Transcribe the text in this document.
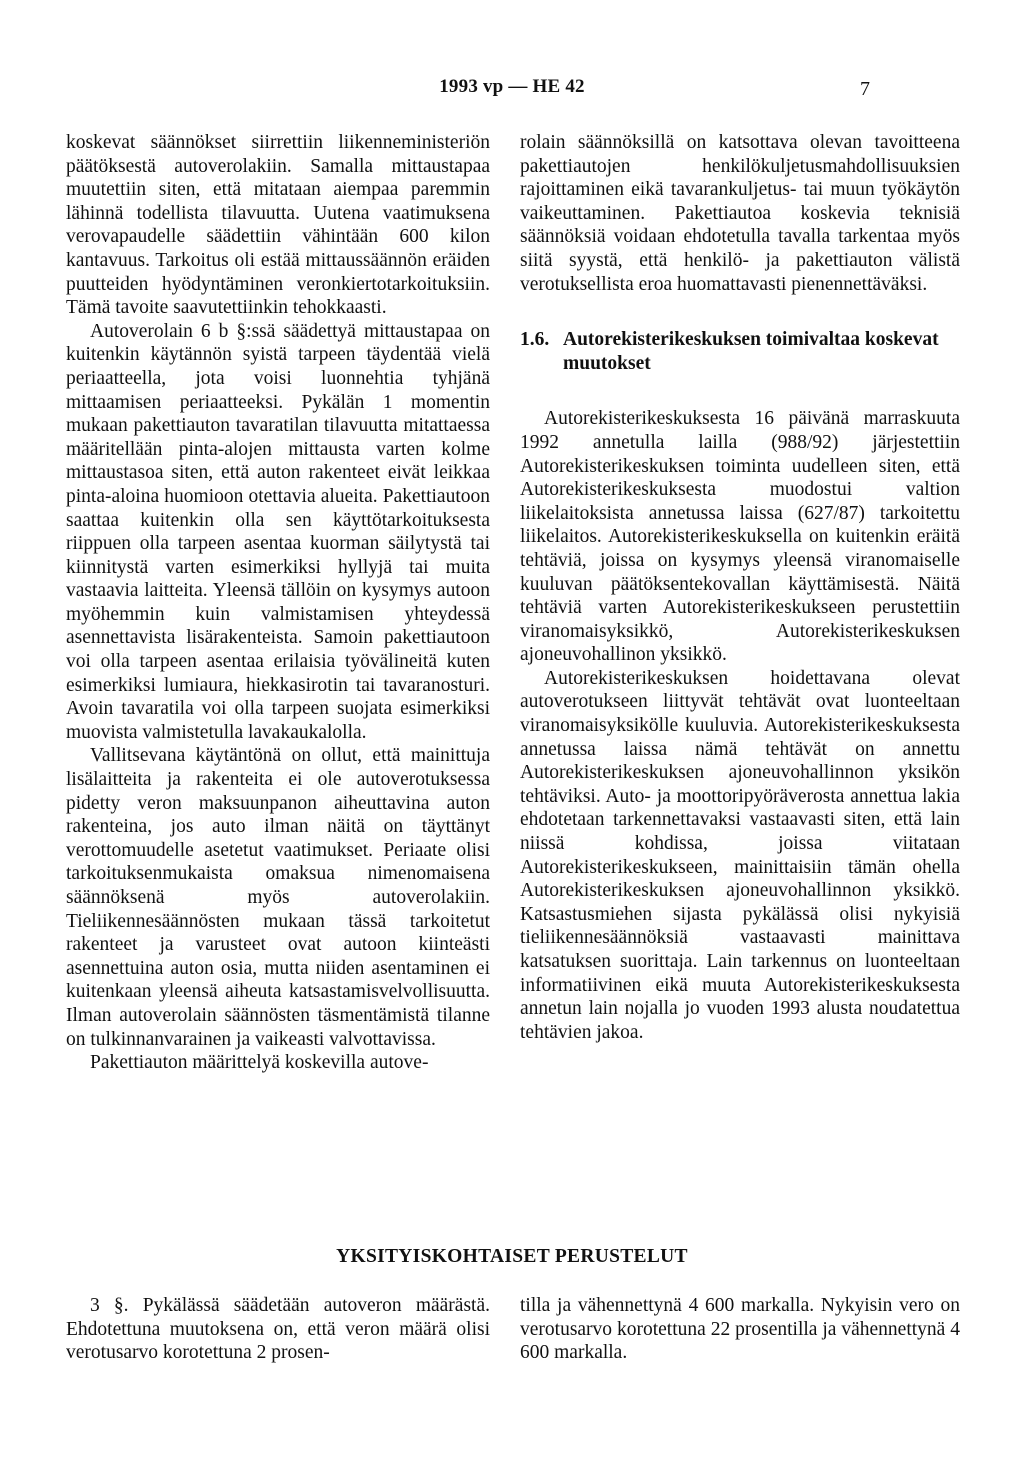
1993 vp — HE 42	7

koskevat säännökset siirrettiin liikenneministeriön päätöksestä autoverolakiin. Samalla mittaustapaa muutettiin siten, että mitataan aiempaa paremmin lähinnä todellista tilavuutta. Uutena vaatimuksena verovapaudelle säädettiin vähintään 600 kilon kantavuus. Tarkoitus oli estää mittaussäännön eräiden puutteiden hyödyntäminen veronkiertotarkoituksiin. Tämä tavoite saavutettiinkin tehokkaasti.

Autoverolain 6 b §:ssä säädettyä mittaustapaa on kuitenkin käytännön syistä tarpeen täydentää vielä periaatteella, jota voisi luonnehtia tyhjänä mittaamisen periaatteeksi. Pykälän 1 momentin mukaan pakettiauton tavaratilan tilavuutta mitattaessa määritellään pinta-alojen mittausta varten kolme mittaustasoa siten, että auton rakenteet eivät leikkaa pinta-aloina huomioon otettavia alueita. Pakettiautoon saattaa kuitenkin olla sen käyttötarkoituksesta riippuen olla tarpeen asentaa kuorman säilytystä tai kiinnitystä varten esimerkiksi hyllyjä tai muita vastaavia laitteita. Yleensä tällöin on kysymys autoon myöhemmin kuin valmistamisen yhteydessä asennettavista lisärakenteista. Samoin pakettiautoon voi olla tarpeen asentaa erilaisia työvälineitä kuten esimerkiksi lumiaura, hiekkasirotin tai tavaranosturi. Avoin tavaratila voi olla tarpeen suojata esimerkiksi muovista valmistetulla lavakaukalolla.

Vallitsevana käytäntönä on ollut, että mainittuja lisälaitteita ja rakenteita ei ole autoverotuksessa pidetty veron maksuunpanon aiheuttavina auton rakenteina, jos auto ilman näitä on täyttänyt verottomuudelle asetetut vaatimukset. Periaate olisi tarkoituksenmukaista omaksua nimenomaisena säännöksenä myös autoverolakiin. Tieliikennesäännösten mukaan tässä tarkoitetut rakenteet ja varusteet ovat autoon kiinteästi asennettuina auton osia, mutta niiden asentaminen ei kuitenkaan yleensä aiheuta katsastamisvelvollisuutta. Ilman autoverolain säännösten täsmentämistä tilanne on tulkinnanvarainen ja vaikeasti valvottavissa.

Pakettiauton määrittelyä koskevilla autove-

rolain säännöksillä on katsottava olevan tavoitteena pakettiautojen henkilökuljetusmahdollisuuksien rajoittaminen eikä tavarankuljetus- tai muun työkäytön vaikeuttaminen. Pakettiautoa koskevia teknisiä säännöksiä voidaan ehdotetulla tavalla tarkentaa myös siitä syystä, että henkilö- ja pakettiauton välistä verotuksellista eroa huomattavasti pienennettäväksi.

1.6. Autorekisterikeskuksen toimivaltaa koskevat muutokset

Autorekisterikeskuksesta 16 päivänä marraskuuta 1992 annetulla lailla (988/92) järjestettiin Autorekisterikeskuksen toiminta uudelleen siten, että Autorekisterikeskuksesta muodostui valtion liikelaitoksista annetussa laissa (627/87) tarkoitettu liikelaitos. Autorekisterikeskuksella on kuitenkin eräitä tehtäviä, joissa on kysymys yleensä viranomaiselle kuuluvan päätöksentekovallan käyttämisestä. Näitä tehtäviä varten Autorekisterikeskukseen perustettiin viranomaisyksikkö, Autorekisterikeskuksen ajoneuvohallinon yksikkö.

Autorekisterikeskuksen hoidettavana olevat autoverotukseen liittyvät tehtävät ovat luonteeltaan viranomaisyksikölle kuuluvia. Autorekisterikeskuksesta annetussa laissa nämä tehtävät on annettu Autorekisterikeskuksen ajoneuvohallinnon yksikön tehtäviksi. Auto- ja moottoripyöräverosta annettua lakia ehdotetaan tarkennettavaksi vastaavasti siten, että lain niissä kohdissa, joissa viitataan Autorekisterikeskukseen, mainittaisiin tämän ohella Autorekisterikeskuksen ajoneuvohallinnon yksikkö. Katsastusmiehen sijasta pykälässä olisi nykyisiä tieliikennesäännöksiä vastaavasti mainittava katsatuksen suorittaja. Lain tarkennus on luonteeltaan informatiivinen eikä muuta Autorekisterikeskuksesta annetun lain nojalla jo vuoden 1993 alusta noudatettua tehtävien jakoa.

YKSITYISKOHTAISET PERUSTELUT

3 §. Pykälässä säädetään autoveron määrästä. Ehdotettuna muutoksena on, että veron määrä olisi verotusarvo korotettuna 2 prosen-

tilla ja vähennettynä 4 600 markalla. Nykyisin vero on verotusarvo korotettuna 22 prosentilla ja vähennettynä 4 600 markalla.
